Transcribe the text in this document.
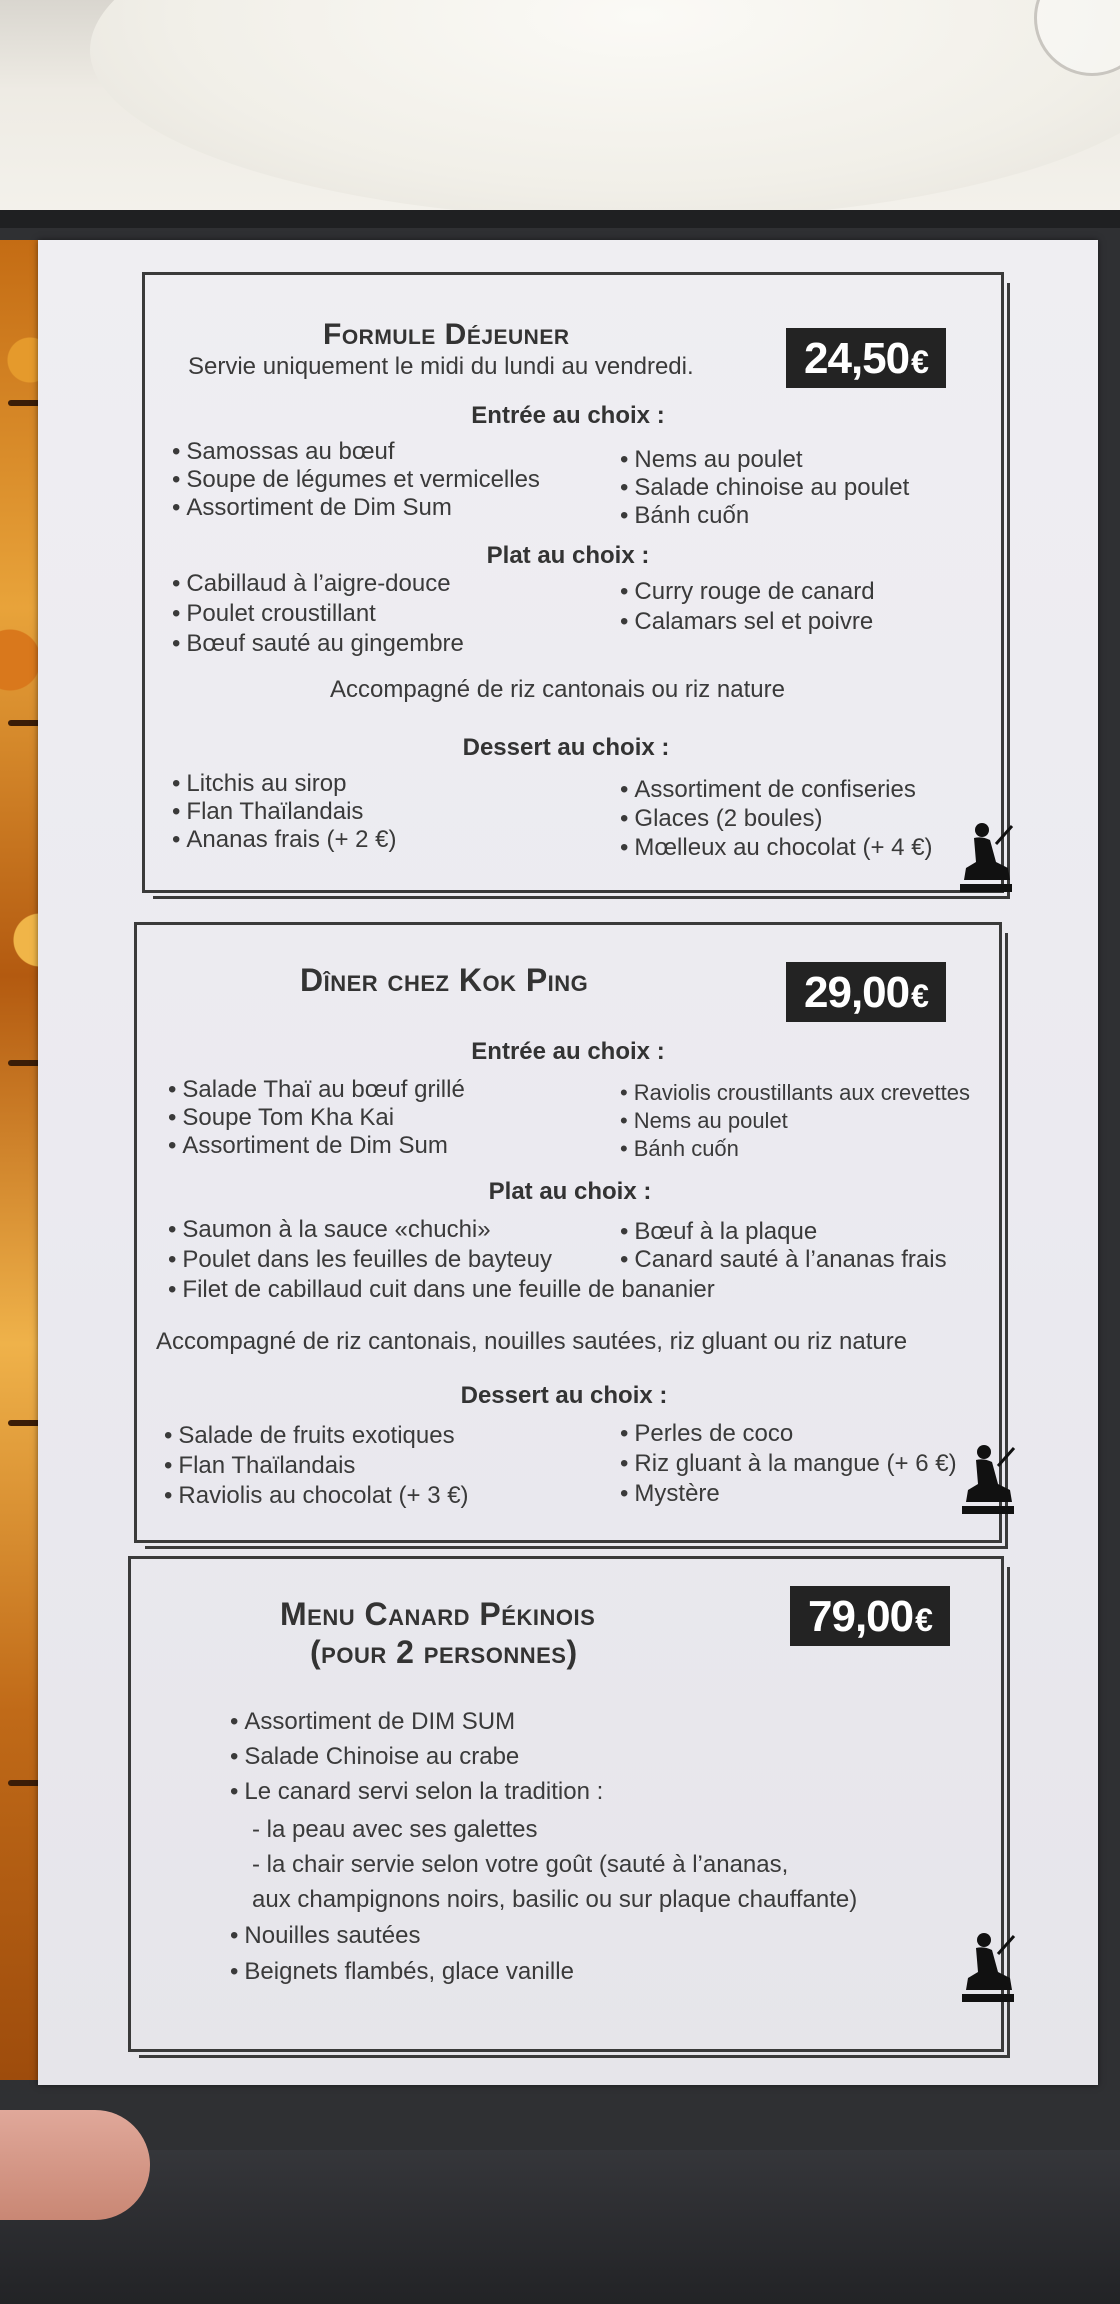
Formule Déjeuner
Servie uniquement le midi du lundi au vendredi.	24,50€
Entrée au choix :
Dîner chez Kok Ping	29,00€
Menu Canard Pékinois
(pour 2 personnes)
79,00€
• Samossas au bœuf
• Soupe de légumes et vermicelles
• Assortiment de Dim Sum
• Nems au poulet
• Salade chinoise au poulet
• Bánh cuốn
Plat au choix :
• Cabillaud à l’aigre-douce
• Poulet croustillant
• Bœuf sauté au gingembre
• Curry rouge de canard
• Calamars sel et poivre
Accompagné de riz cantonais ou riz nature
Dessert au choix :
• Litchis au sirop
• Flan Thaïlandais
• Ananas frais (+ 2 €)
• Assortiment de confiseries
• Glaces (2 boules)
• Mœlleux au chocolat (+ 4 €)
Entrée au choix :
• Salade Thaï au bœuf grillé
• Soupe Tom Kha Kai
• Assortiment de Dim Sum
• Raviolis croustillants aux crevettes
• Nems au poulet
• Bánh cuốn
Plat au choix :
• Saumon à la sauce «chuchi»
• Poulet dans les feuilles de bayteuy
• Filet de cabillaud cuit dans une feuille de bananier
• Bœuf à la plaque
• Canard sauté à l’ananas frais
Accompagné de riz cantonais, nouilles sautées, riz gluant ou riz nature
Dessert au choix :
• Salade de fruits exotiques
• Flan Thaïlandais
• Raviolis au chocolat (+ 3 €)
• Perles de coco
• Riz gluant à la mangue (+ 6 €)
• Mystère
• Assortiment de DIM SUM
• Salade Chinoise au crabe
• Le canard servi selon la tradition :
- la peau avec ses galettes
- la chair servie selon votre goût (sauté à l’ananas,
aux champignons noirs, basilic ou sur plaque chauffante)
• Nouilles sautées
• Beignets flambés, glace vanille
